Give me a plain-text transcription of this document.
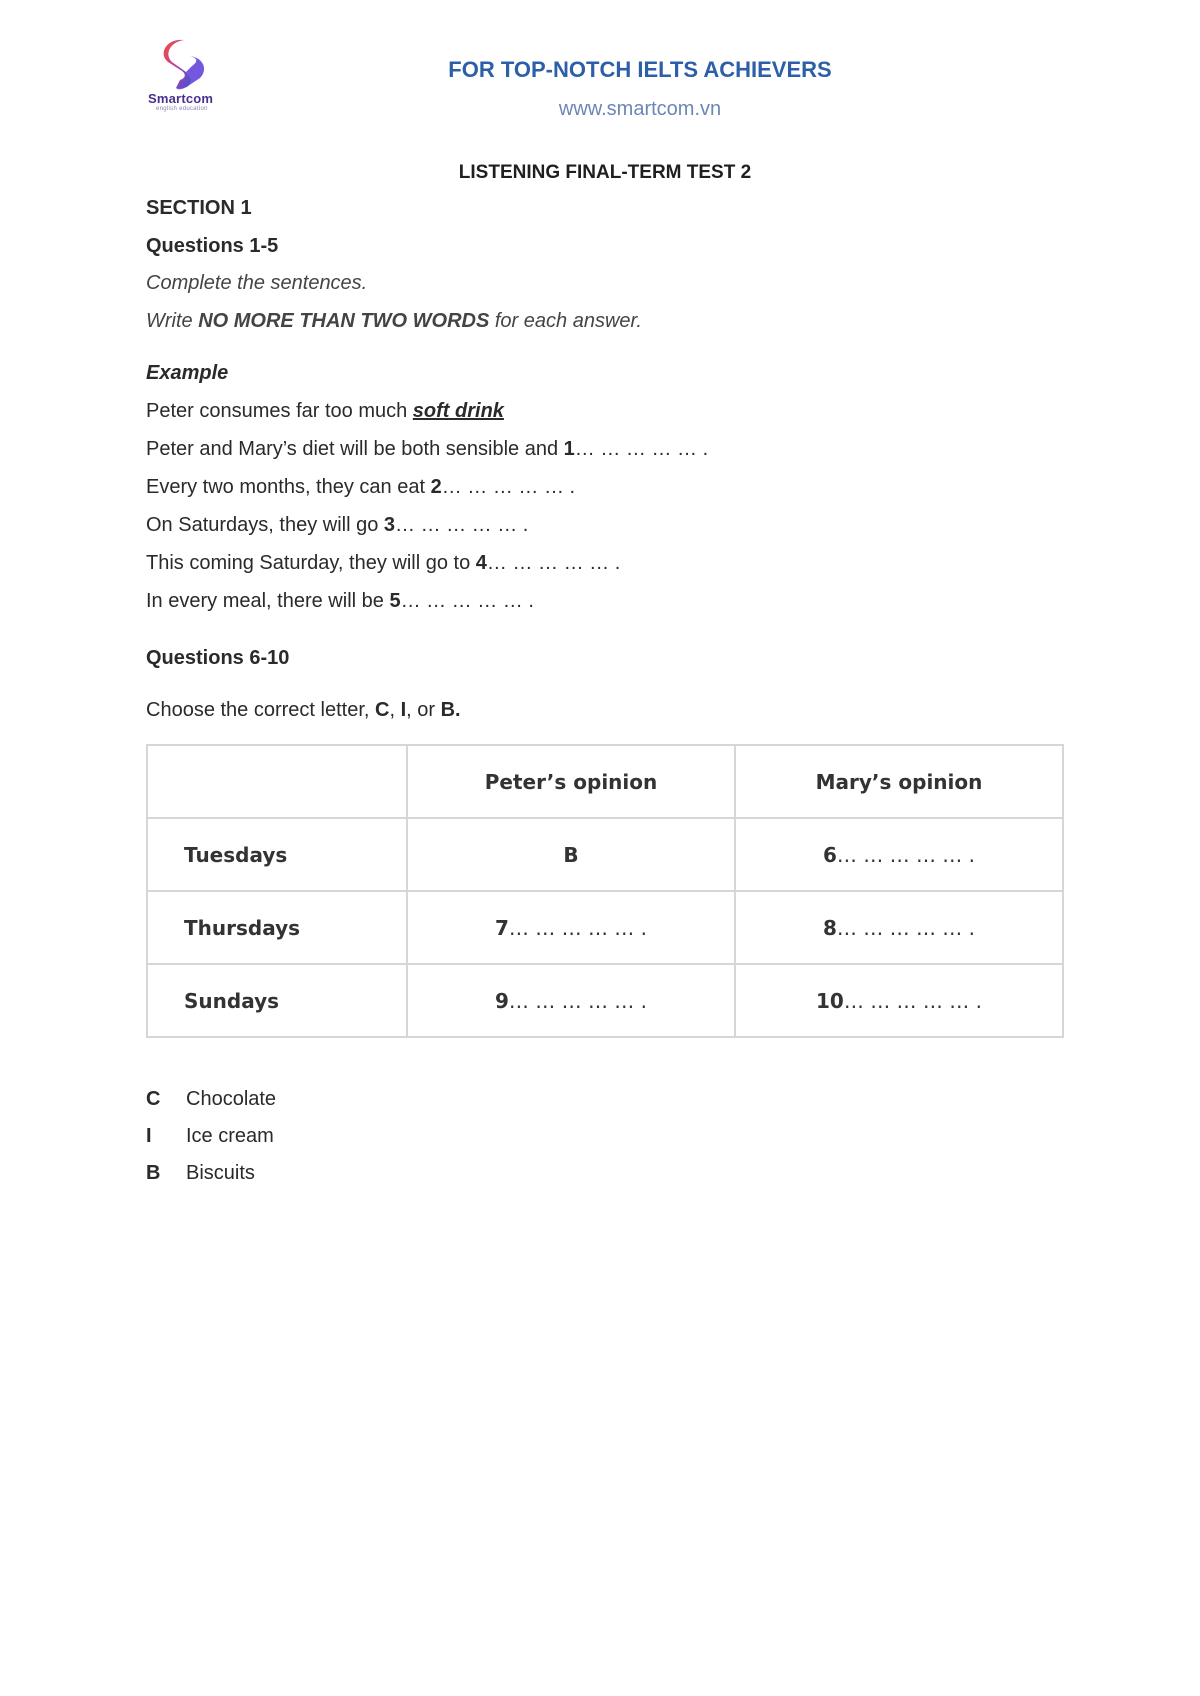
Smartcom
english education
FOR TOP-NOTCH IELTS ACHIEVERS
www.smartcom.vn
LISTENING FINAL-TERM TEST 2
SECTION 1
Questions 1-5
Complete the sentences.
Write NO MORE THAN TWO WORDS for each answer.
Example
Peter consumes far too much soft drink
Peter and Mary’s diet will be both sensible and 1… … … … … .
Every two months, they can eat 2… … … … … .
On Saturdays, they will go 3… … … … … .
This coming Saturday, they will go to 4… … … … … .
In every meal, there will be 5… … … … … .
Questions 6-10
Choose the correct letter, C, I, or B.
	Peter’s opinion	Mary’s opinion
Tuesdays	B	6… … … … … .
Thursdays	7… … … … … .	8… … … … … .
Sundays	9… … … … … .	10… … … … … .
C Chocolate
I Ice cream
B Biscuits
